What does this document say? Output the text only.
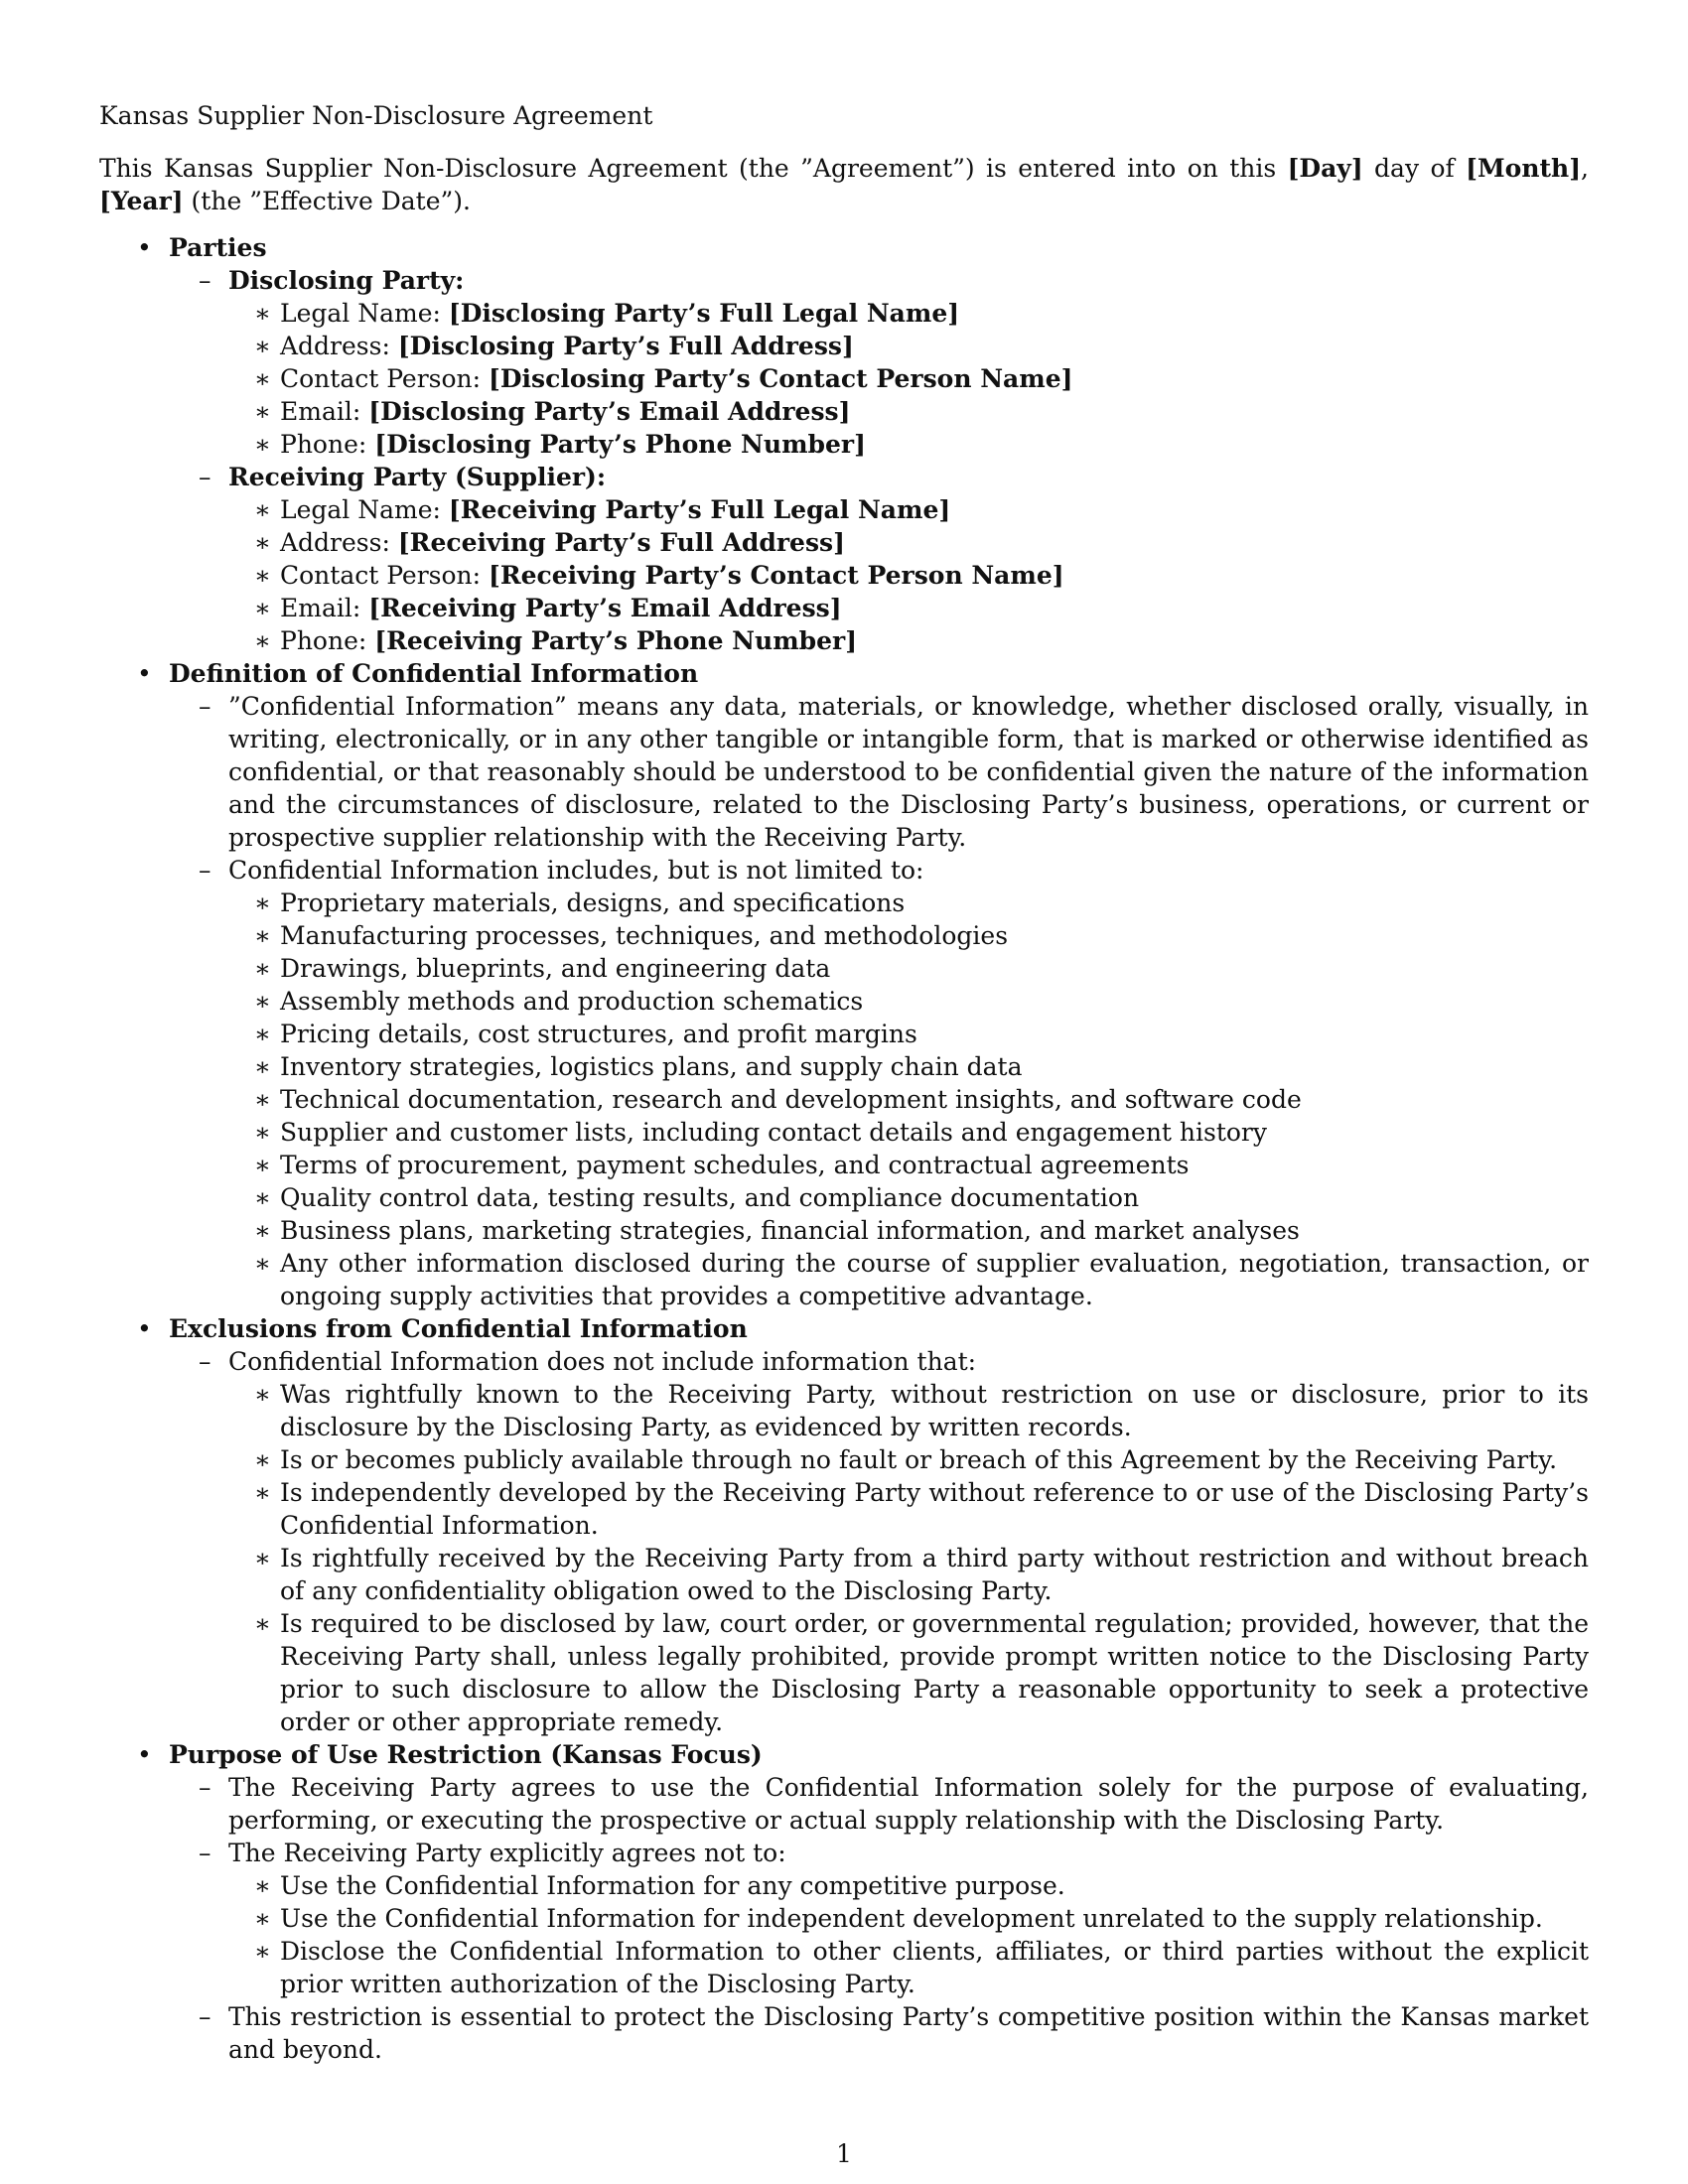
Kansas Supplier Non-Disclosure Agreement

This Kansas Supplier Non-Disclosure Agreement (the ”Agreement”) is entered into on this [Day] day of [Month], [Year] (the ”Effective Date”).

• Parties
– Disclosing Party:
∗ Legal Name: [Disclosing Party’s Full Legal Name]
∗ Address: [Disclosing Party’s Full Address]
∗ Contact Person: [Disclosing Party’s Contact Person Name]
∗ Email: [Disclosing Party’s Email Address]
∗ Phone: [Disclosing Party’s Phone Number]
– Receiving Party (Supplier):
∗ Legal Name: [Receiving Party’s Full Legal Name]
∗ Address: [Receiving Party’s Full Address]
∗ Contact Person: [Receiving Party’s Contact Person Name]
∗ Email: [Receiving Party’s Email Address]
∗ Phone: [Receiving Party’s Phone Number]
• Definition of Confidential Information
– ”Confidential Information” means any data, materials, or knowledge, whether disclosed orally, visually, in writing, electronically, or in any other tangible or intangible form, that is marked or otherwise identified as confidential, or that reasonably should be understood to be confidential given the nature of the information and the circumstances of disclosure, related to the Disclosing Party’s business, operations, or current or prospective supplier relationship with the Receiving Party.
– Confidential Information includes, but is not limited to:
∗ Proprietary materials, designs, and specifications
∗ Manufacturing processes, techniques, and methodologies
∗ Drawings, blueprints, and engineering data
∗ Assembly methods and production schematics
∗ Pricing details, cost structures, and profit margins
∗ Inventory strategies, logistics plans, and supply chain data
∗ Technical documentation, research and development insights, and software code
∗ Supplier and customer lists, including contact details and engagement history
∗ Terms of procurement, payment schedules, and contractual agreements
∗ Quality control data, testing results, and compliance documentation
∗ Business plans, marketing strategies, financial information, and market analyses
∗ Any other information disclosed during the course of supplier evaluation, negotiation, transaction, or ongoing supply activities that provides a competitive advantage.
• Exclusions from Confidential Information
– Confidential Information does not include information that:
∗ Was rightfully known to the Receiving Party, without restriction on use or disclosure, prior to its disclosure by the Disclosing Party, as evidenced by written records.
∗ Is or becomes publicly available through no fault or breach of this Agreement by the Receiving Party.
∗ Is independently developed by the Receiving Party without reference to or use of the Disclosing Party’s Confidential Information.
∗ Is rightfully received by the Receiving Party from a third party without restriction and without breach of any confidentiality obligation owed to the Disclosing Party.
∗ Is required to be disclosed by law, court order, or governmental regulation; provided, however, that the Receiving Party shall, unless legally prohibited, provide prompt written notice to the Disclosing Party prior to such disclosure to allow the Disclosing Party a reasonable opportunity to seek a protective order or other appropriate remedy.
• Purpose of Use Restriction (Kansas Focus)
– The Receiving Party agrees to use the Confidential Information solely for the purpose of evaluating, performing, or executing the prospective or actual supply relationship with the Disclosing Party.
– The Receiving Party explicitly agrees not to:
∗ Use the Confidential Information for any competitive purpose.
∗ Use the Confidential Information for independent development unrelated to the supply relationship.
∗ Disclose the Confidential Information to other clients, affiliates, or third parties without the explicit prior written authorization of the Disclosing Party.
– This restriction is essential to protect the Disclosing Party’s competitive position within the Kansas market and beyond.
1
